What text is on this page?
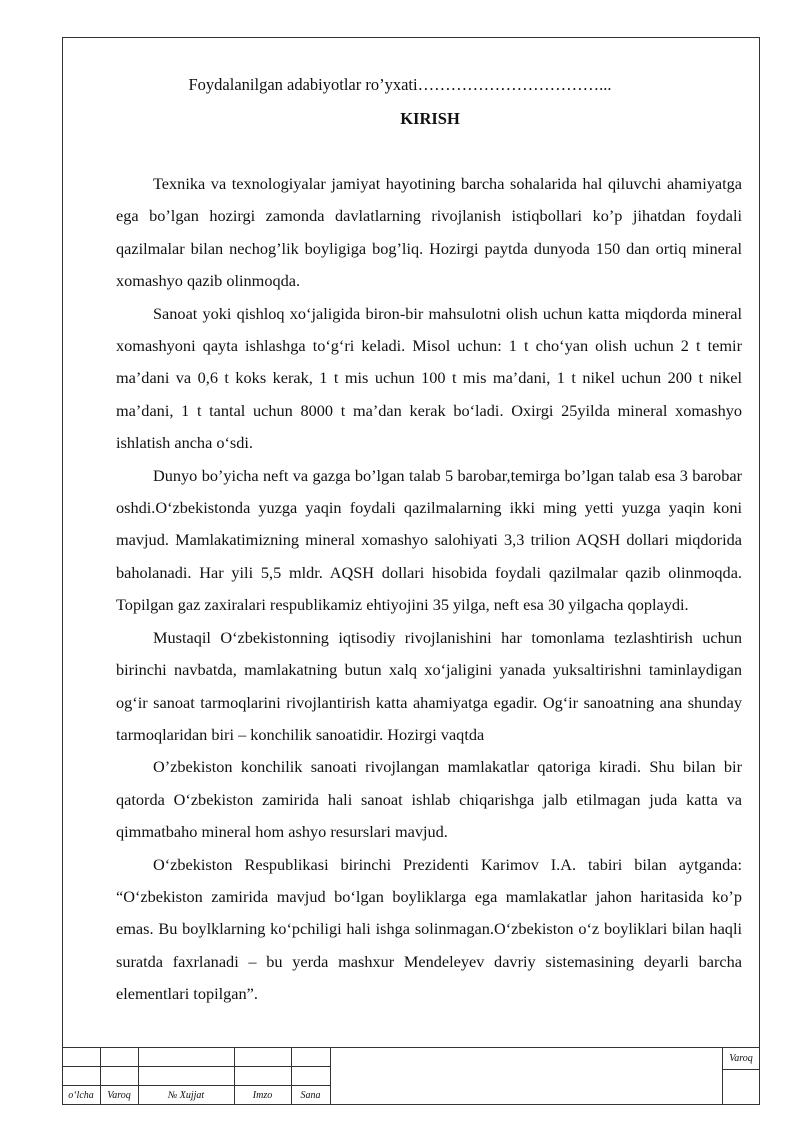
Foydalanilgan adabiyotlar ro’yxati……………………………...
KIRISH

Texnika va texnologiyalar jamiyat hayotining barcha sohalarida hal qiluvchi ahamiyatga ega bo’lgan hozirgi zamonda davlatlarning rivojlanish istiqbollari ko’p jihatdan foydali qazilmalar bilan nechog’lik boyligiga bog’liq. Hozirgi paytda dunyoda 150 dan ortiq mineral xomashyo qazib olinmoqda.

Sanoat yoki qishloq xo‘jaligida biron-bir mahsulotni olish uchun katta miqdorda mineral xomashyoni qayta ishlashga to‘g‘ri keladi. Misol uchun: 1 t cho‘yan olish uchun 2 t temir ma’dani va 0,6 t koks kerak, 1 t mis uchun 100 t mis ma’dani, 1 t nikel uchun 200 t nikel ma’dani, 1 t tantal uchun 8000 t ma’dan kerak bo‘ladi. Oxirgi 25yilda mineral xomashyo ishlatish ancha o‘sdi.

Dunyo bo’yicha neft va gazga bo’lgan talab 5 barobar,temirga bo’lgan talab esa 3 barobar oshdi.O‘zbekistonda yuzga yaqin foydali qazilmalarning ikki ming yetti yuzga yaqin koni mavjud. Mamlakatimizning mineral xomashyo salohiyati 3,3 trilion AQSH dollari miqdorida baholanadi. Har yili 5,5 mldr. AQSH dollari hisobida foydali qazilmalar qazib olinmoqda. Topilgan gaz zaxiralari respublikamiz ehtiyojini 35 yilga, neft esa 30 yilgacha qoplaydi.

Mustaqil O‘zbekistonning iqtisodiy rivojlanishini har tomonlama tezlashtirish uchun birinchi navbatda, mamlakatning butun xalq xo‘jaligini yanada yuksaltirishni taminlaydigan og‘ir sanoat tarmoqlarini rivojlantirish katta ahamiyatga egadir. Og‘ir sanoatning ana shunday tarmoqlaridan biri – konchilik sanoatidir. Hozirgi vaqtda

O’zbekiston konchilik sanoati rivojlangan mamlakatlar qatoriga kiradi. Shu bilan bir qatorda O‘zbekiston zamirida hali sanoat ishlab chiqarishga jalb etilmagan juda katta va qimmatbaho mineral hom ashyo resurslari mavjud.

O‘zbekiston Respublikasi birinchi Prezidenti Karimov I.A. tabiri bilan aytganda: “O‘zbekiston zamirida mavjud bo‘lgan boyliklarga ega mamlakatlar jahon haritasida ko’p emas. Bu boylklarning ko‘pchiligi hali ishga solinmagan.O‘zbekiston o‘z boyliklari bilan haqli suratda faxrlanadi – bu yerda mashxur Mendeleyev davriy sistemasining deyarli barcha elementlari topilgan”.

o‘lcha	Varoq	№ Xujjat	Imzo	Sana
Varoq
